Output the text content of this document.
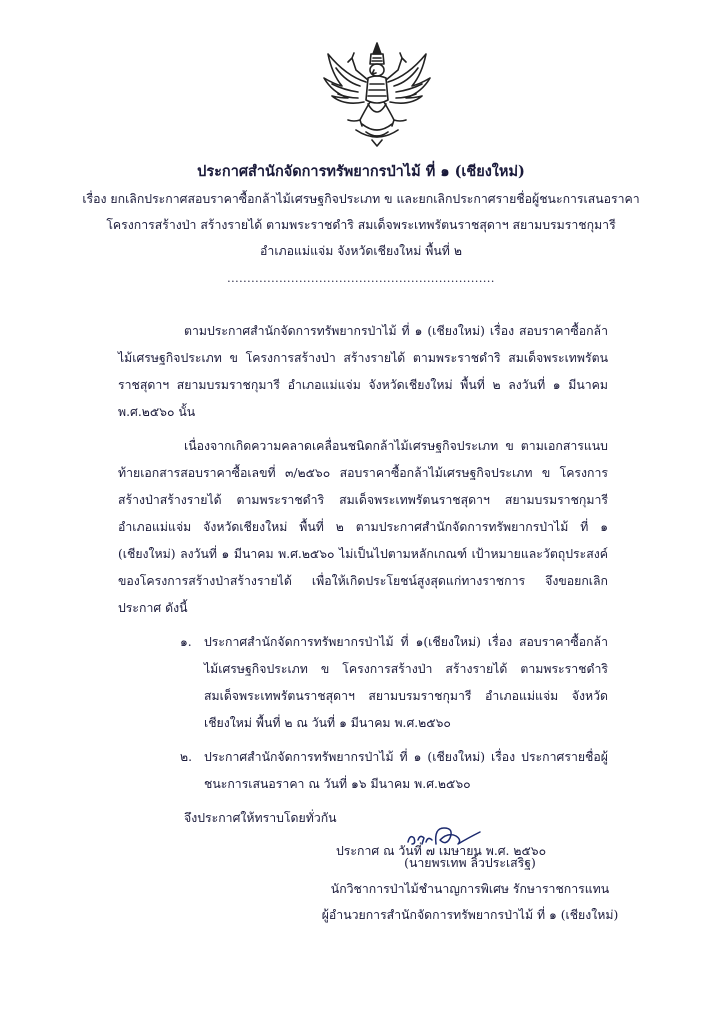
ประกาศสำนักจัดการทรัพยากรป่าไม้ ที่ ๑ (เชียงใหม่)
เรื่อง ยกเลิกประกาศสอบราคาซื้อกล้าไม้เศรษฐกิจประเภท ข และยกเลิกประกาศรายชื่อผู้ชนะการเสนอราคา
โครงการสร้างป่า สร้างรายได้ ตามพระราชดำริ สมเด็จพระเทพรัตนราชสุดาฯ สยามบรมราชกุมารี
อำเภอแม่แจ่ม จังหวัดเชียงใหม่ พื้นที่ ๒
...................................................................

ตามประกาศสำนักจัดการทรัพยากรป่าไม้ ที่ ๑ (เชียงใหม่) เรื่อง สอบราคาซื้อกล้าไม้เศรษฐกิจประเภท ข โครงการสร้างป่า สร้างรายได้ ตามพระราชดำริ สมเด็จพระเทพรัตนราชสุดาฯ สยามบรมราชกุมารี อำเภอแม่แจ่ม จังหวัดเชียงใหม่ พื้นที่ ๒ ลงวันที่ ๑ มีนาคม พ.ศ.๒๕๖๐ นั้น

เนื่องจากเกิดความคลาดเคลื่อนชนิดกล้าไม้เศรษฐกิจประเภท ข ตามเอกสารแนบท้ายเอกสารสอบราคาซื้อเลขที่ ๓/๒๕๖๐ สอบราคาซื้อกล้าไม้เศรษฐกิจประเภท ข โครงการสร้างป่าสร้างรายได้ ตามพระราชดำริ สมเด็จพระเทพรัตนราชสุดาฯ สยามบรมราชกุมารี อำเภอแม่แจ่ม จังหวัดเชียงใหม่ พื้นที่ ๒ ตามประกาศสำนักจัดการทรัพยากรป่าไม้ ที่ ๑ (เชียงใหม่) ลงวันที่ ๑ มีนาคม พ.ศ.๒๕๖๐ ไม่เป็นไปตามหลักเกณฑ์ เป้าหมายและวัตถุประสงค์ของโครงการสร้างป่าสร้างรายได้ เพื่อให้เกิดประโยชน์สูงสุดแก่ทางราชการ จึงขอยกเลิกประกาศ ดังนี้

๑. ประกาศสำนักจัดการทรัพยากรป่าไม้ ที่ ๑(เชียงใหม่) เรื่อง สอบราคาซื้อกล้าไม้เศรษฐกิจประเภท ข โครงการสร้างป่า สร้างรายได้ ตามพระราชดำริ สมเด็จพระเทพรัตนราชสุดาฯ สยามบรมราชกุมารี อำเภอแม่แจ่ม จังหวัดเชียงใหม่ พื้นที่ ๒ ณ วันที่ ๑ มีนาคม พ.ศ.๒๕๖๐
๒. ประกาศสำนักจัดการทรัพยากรป่าไม้ ที่ ๑ (เชียงใหม่) เรื่อง ประกาศรายชื่อผู้ชนะการเสนอราคา ณ วันที่ ๑๖ มีนาคม พ.ศ.๒๕๖๐

จึงประกาศให้ทราบโดยทั่วกัน

ประกาศ ณ วันที่ ๗ เมษายน พ.ศ. ๒๕๖๐

(นายพรเทพ ลิ้วประเสริฐ)
นักวิชาการป่าไม้ชำนาญการพิเศษ รักษาราชการแทน
ผู้อำนวยการสำนักจัดการทรัพยากรป่าไม้ ที่ ๑ (เชียงใหม่)
